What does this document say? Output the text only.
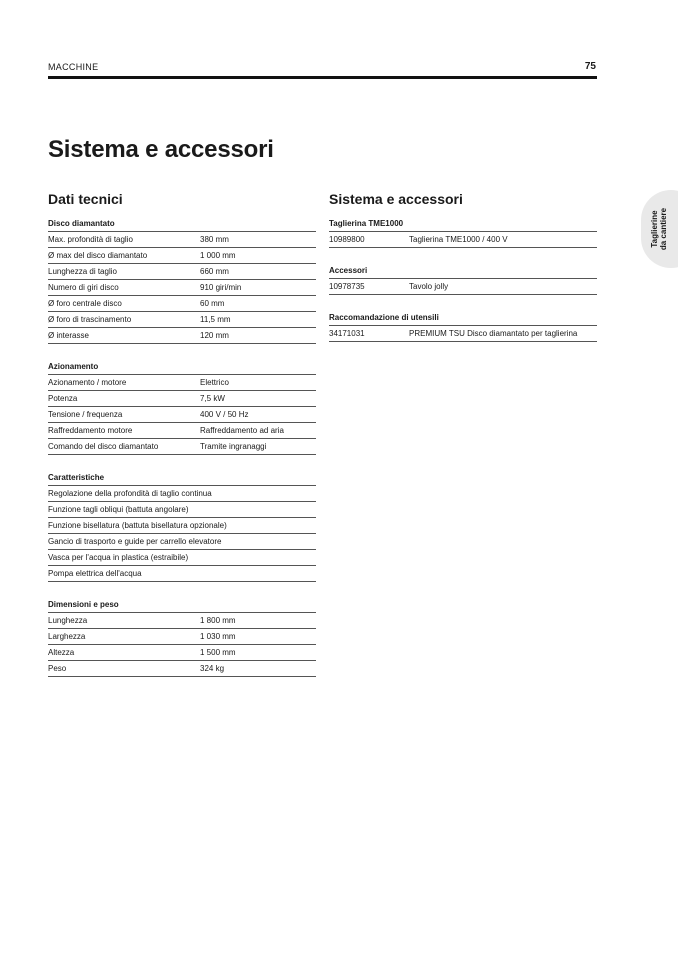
MACCHINE	75
Sistema e accessori
Taglierine da cantiere
Dati tecnici
Disco diamantato
Max. profondità di taglio	380 mm
Ø max del disco diamantato	1 000 mm
Lunghezza di taglio	660 mm
Numero di giri disco	910 giri/min
Ø foro centrale disco	60 mm
Ø foro di trascinamento	11,5 mm
Ø interasse	120 mm
Azionamento
Azionamento / motore	Elettrico
Potenza	7,5 kW
Tensione / frequenza	400 V / 50 Hz
Raffreddamento motore	Raffreddamento ad aria
Comando del disco diamantato	Tramite ingranaggi
Caratteristiche
Regolazione della profondità di taglio continua
Funzione tagli obliqui (battuta angolare)
Funzione bisellatura (battuta bisellatura opzionale)
Gancio di trasporto e guide per carrello elevatore
Vasca per l'acqua in plastica (estraibile)
Pompa elettrica dell'acqua
Dimensioni e peso
Lunghezza	1 800 mm
Larghezza	1 030 mm
Altezza	1 500 mm
Peso	324 kg
Sistema e accessori
Taglierina TME1000
10989800	Taglierina TME1000 / 400 V
Accessori
10978735	Tavolo jolly
Raccomandazione di utensili
34171031	PREMIUM TSU Disco diamantato per taglierina
